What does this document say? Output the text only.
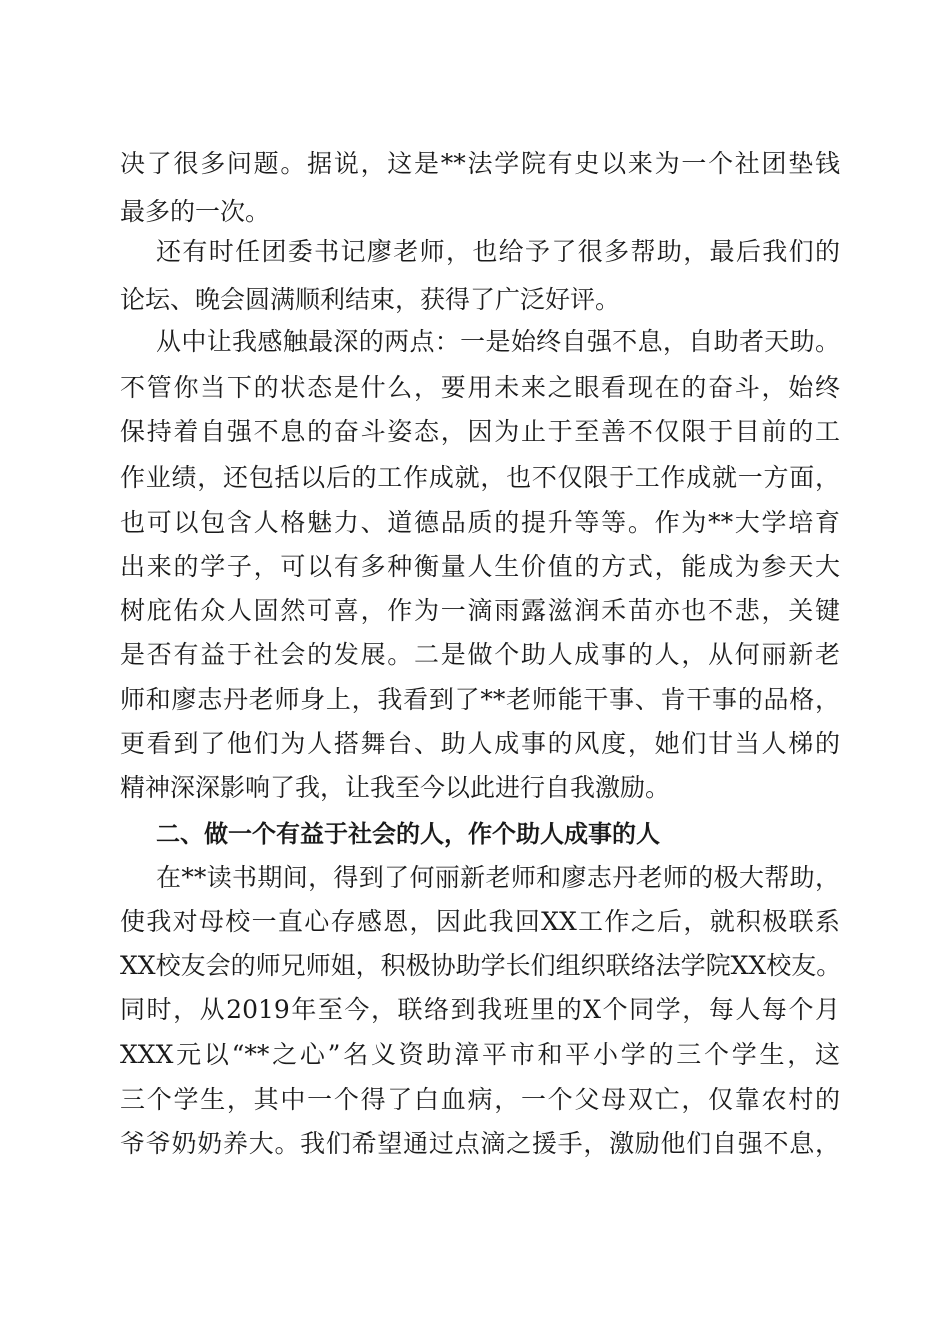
决了很多问题。据说，这是**法学院有史以来为一个社团垫钱
最多的一次。
还有时任团委书记廖老师，也给予了很多帮助，最后我们的
论坛、晚会圆满顺利结束，获得了广泛好评。
从中让我感触最深的两点：一是始终自强不息，自助者天助。
不管你当下的状态是什么，要用未来之眼看现在的奋斗，始终
保持着自强不息的奋斗姿态，因为止于至善不仅限于目前的工
作业绩，还包括以后的工作成就，也不仅限于工作成就一方面，
也可以包含人格魅力、道德品质的提升等等。作为**大学培育
出来的学子，可以有多种衡量人生价值的方式，能成为参天大
树庇佑众人固然可喜，作为一滴雨露滋润禾苗亦也不悲，关键
是否有益于社会的发展。二是做个助人成事的人，从何丽新老
师和廖志丹老师身上，我看到了**老师能干事、肯干事的品格，
更看到了他们为人搭舞台、助人成事的风度，她们甘当人梯的
精神深深影响了我，让我至今以此进行自我激励。
二、做一个有益于社会的人，作个助人成事的人
在**读书期间，得到了何丽新老师和廖志丹老师的极大帮助，
使我对母校一直心存感恩，因此我回XX工作之后，就积极联系
XX校友会的师兄师姐，积极协助学长们组织联络法学院XX校友。
同时，从2019年至今，联络到我班里的X个同学，每人每个月
XXX元以“**之心”名义资助漳平市和平小学的三个学生，这
三个学生，其中一个得了白血病，一个父母双亡，仅靠农村的
爷爷奶奶养大。我们希望通过点滴之援手，激励他们自强不息，
